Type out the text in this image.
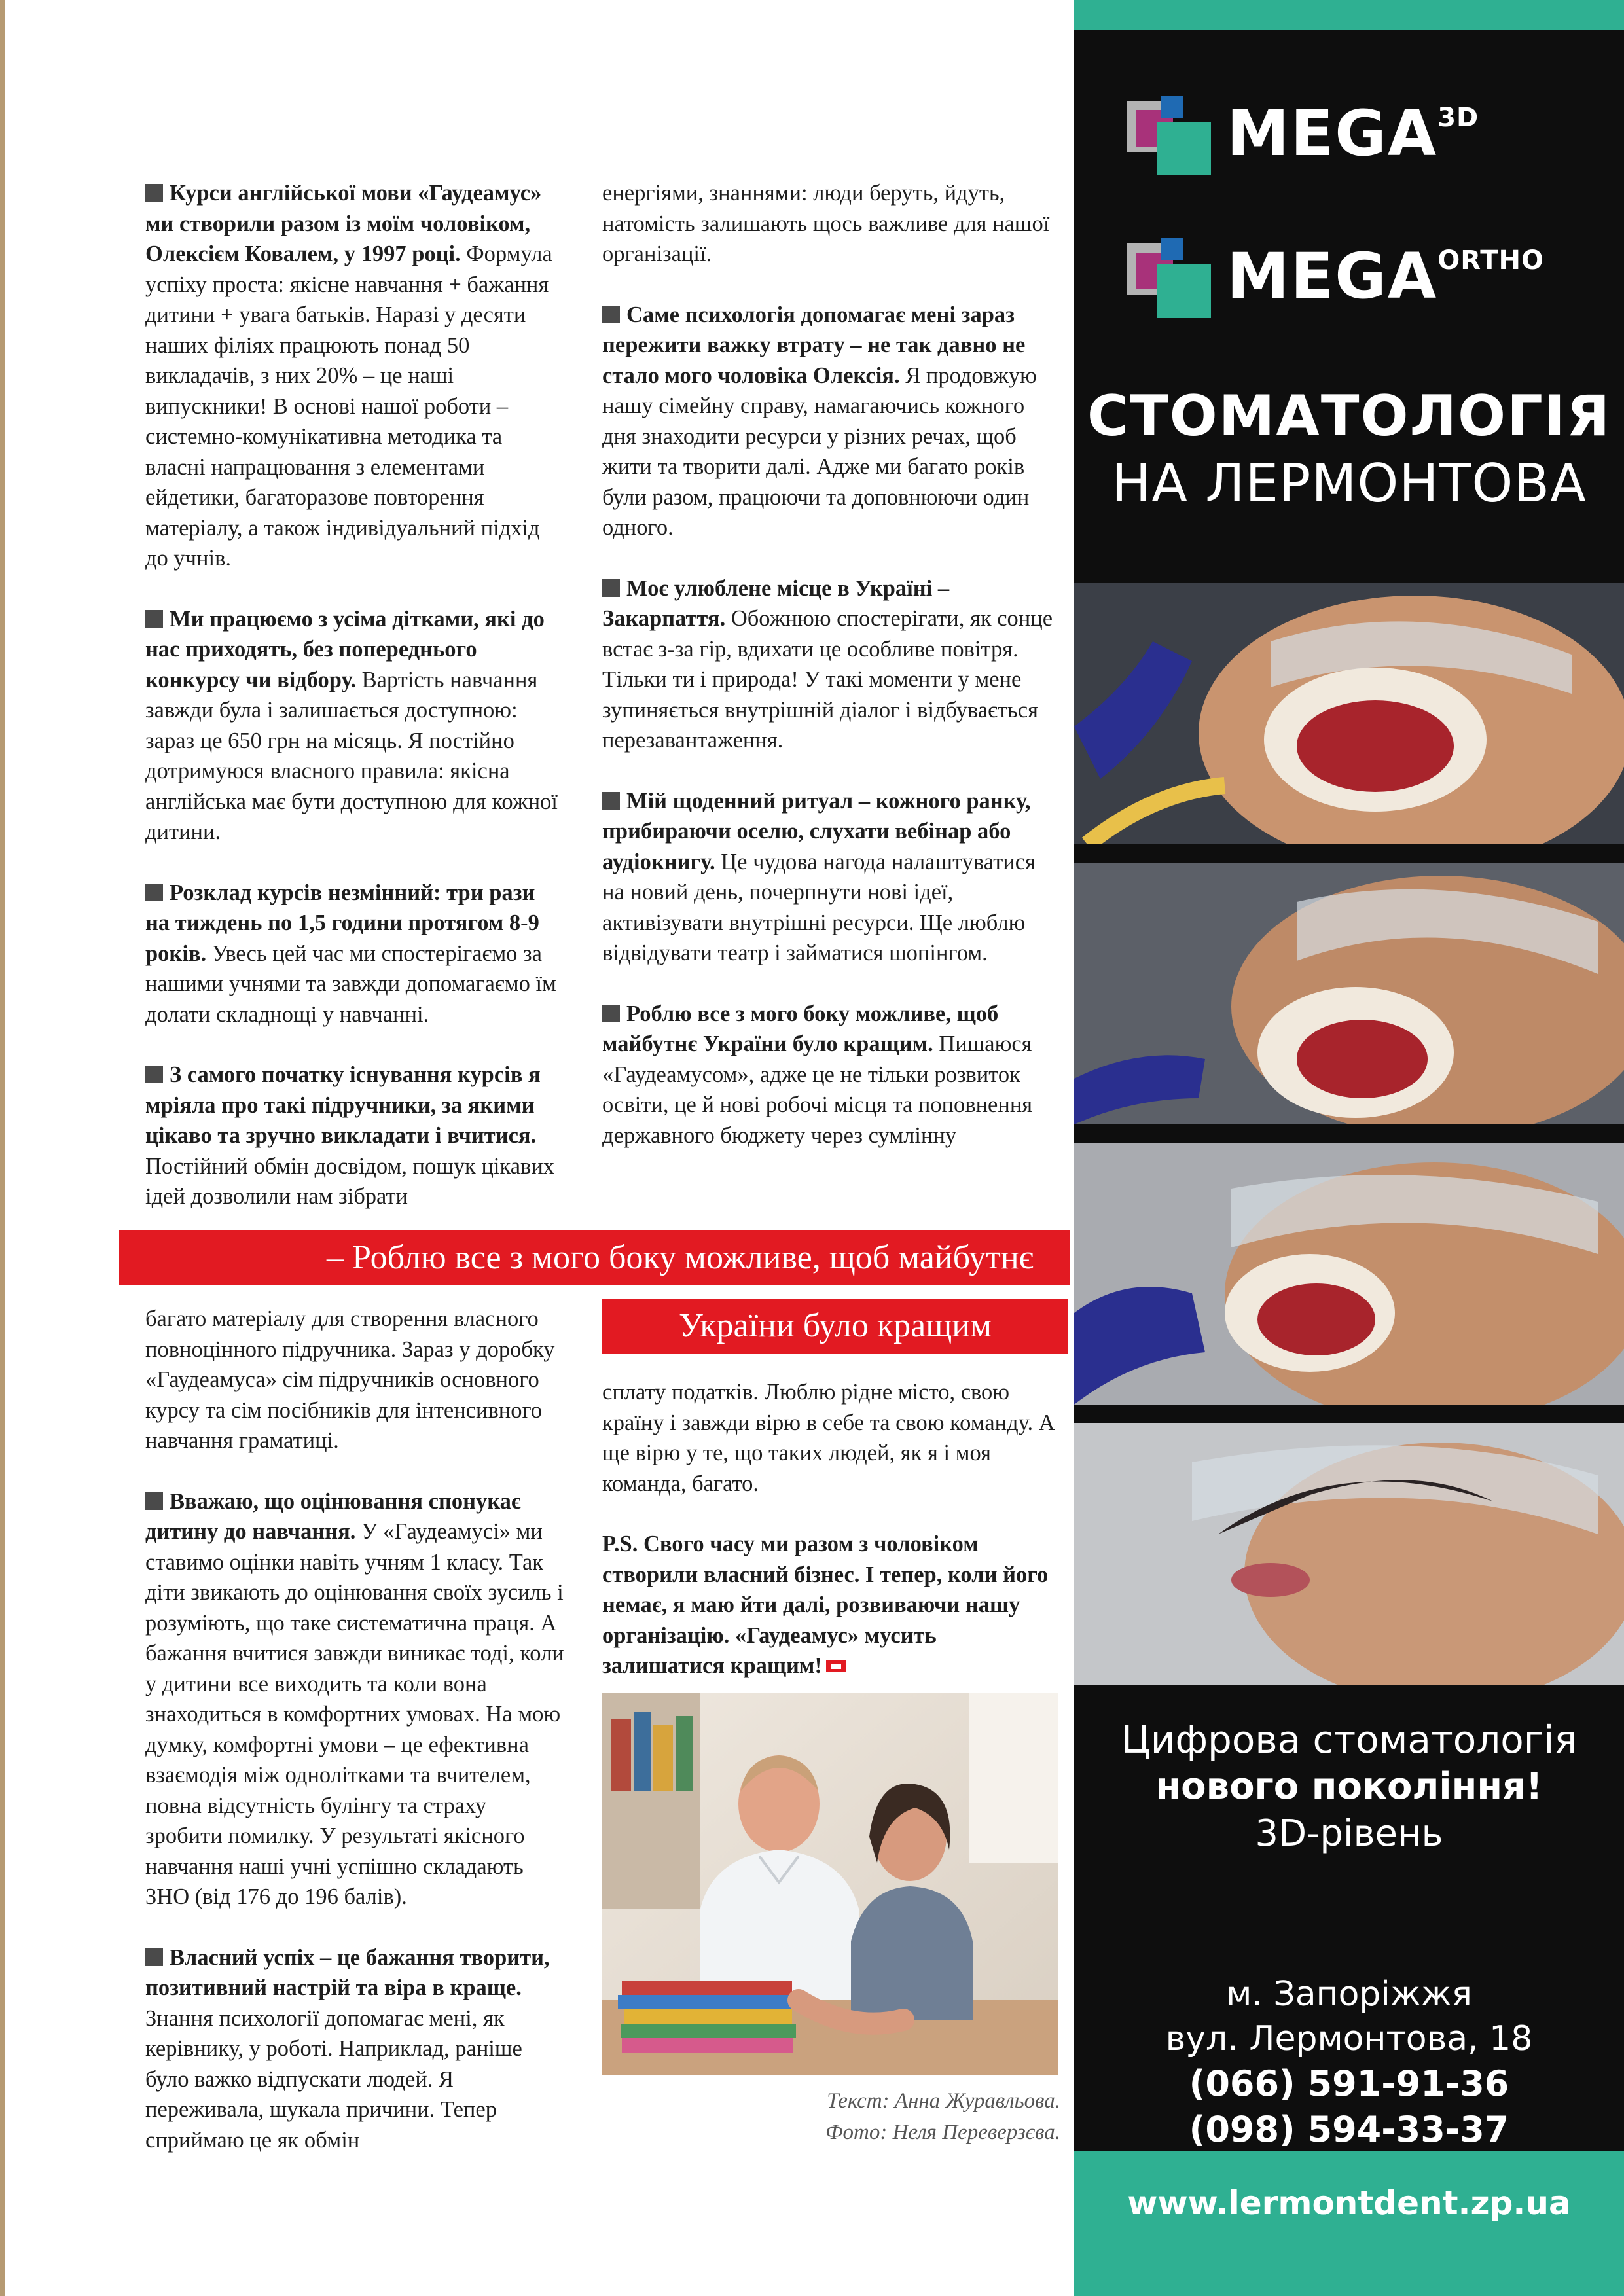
Курси англійської мови «Гаудеамус» ми створили разом із моїм чоловіком, Олексієм Ковалем, у 1997 році. Формула успіху проста: якісне навчання + бажання дитини + увага батьків. Наразі у десяти наших філіях працюють понад 50 викладачів, з них 20% – це наші випускники! В основі нашої роботи – системно-комунікативна методика та власні напрацювання з елементами ейдетики, багаторазове повторення матеріалу, а також індивідуальний підхід до учнів.

Ми працюємо з усіма дітками, які до нас приходять, без попереднього конкурсу чи відбору. Вартість навчання завжди була і залишається доступною: зараз це 650 грн на місяць. Я постійно дотримуюся власного правила: якісна англійська має бути доступною для кожної дитини.

Розклад курсів незмінний: три рази на тиждень по 1,5 години протягом 8-9 років. Увесь цей час ми спостерігаємо за нашими учнями та завжди допомагаємо їм долати складнощі у навчанні.

З самого початку існування курсів я мріяла про такі підручники, за якими цікаво та зручно викладати і вчитися. Постійний обмін досвідом, пошук цікавих ідей дозволили нам зібрати

енергіями, знаннями: люди беруть, йдуть, натомість залишають щось важливе для нашої організації.

Саме психологія допомагає мені зараз пережити важку втрату – не так давно не стало мого чоловіка Олексія. Я продовжую нашу сімейну справу, намагаючись кожного дня знаходити ресурси у різних речах, щоб жити та творити далі. Адже ми багато років були разом, працюючи та доповнюючи один одного.

Моє улюблене місце в Україні – Закарпаття. Обожнюю спостерігати, як сонце встає з-за гір, вдихати це особливе повітря. Тільки ти і природа! У такі моменти у мене зупиняється внутрішній діалог і відбувається перезавантаження.

Мій щоденний ритуал – кожного ранку, прибираючи оселю, слухати вебінар або аудіокнигу. Це чудова нагода налаштуватися на новий день, почерпнути нові ідеї, активізувати внутрішні ресурси. Ще люблю відвідувати театр і займатися шопінгом.

Роблю все з мого боку можливе, щоб майбутнє України було кращим. Пишаюся «Гаудеамусом», адже це не тільки розвиток освіти, це й нові робочі місця та поповнення державного бюджету через сумлінну

– Роблю все з мого боку можливе, щоб майбутнє
України було кращим

багато матеріалу для створення власного повноцінного підручника. Зараз у доробку «Гаудеамуса» сім підручників основного курсу та сім посібників для інтенсивного навчання граматиці.

Вважаю, що оцінювання спонукає дитину до навчання. У «Гаудеамусі» ми ставимо оцінки навіть учням 1 класу. Так діти звикають до оцінювання своїх зусиль і розуміють, що таке систематична праця. А бажання вчитися завжди виникає тоді, коли у дитини все виходить та коли вона знаходиться в комфортних умовах. На мою думку, комфортні умови – це ефективна взаємодія між однолітками та вчителем, повна відсутність булінгу та страху зробити помилку. У результаті якісного навчання наші учні успішно складають ЗНО (від 176 до 196 балів).

Власний успіх – це бажання творити, позитивний настрій та віра в краще. Знання психології допомагає мені, як керівнику, у роботі. Наприклад, раніше було важко відпускати людей. Я переживала, шукала причини. Тепер сприймаю це як обмін

сплату податків. Люблю рідне місто, свою країну і завжди вірю в себе та свою команду. А ще вірю у те, що таких людей, як я і моя команда, багато.

P.S. Свого часу ми разом з чоловіком створили власний бізнес. І тепер, коли його немає, я маю йти далі, розвиваючи нашу організацію. «Гаудеамус» мусить залишатися кращим!

Текст: Анна Журавльова.
Фото: Неля Переверзєва.
$MEGA^{3D}$
$MEGA^{ORTHO}$
СТОМАТОЛОГІЯ
НА ЛЕРМОНТОВА
Цифрова стоматологія
нового покоління!
3D-рівень
м. Запоріжжя
вул. Лермонтова, 18
(066) 591-91-36
(098) 594-33-37
www.lermontdent.zp.ua
